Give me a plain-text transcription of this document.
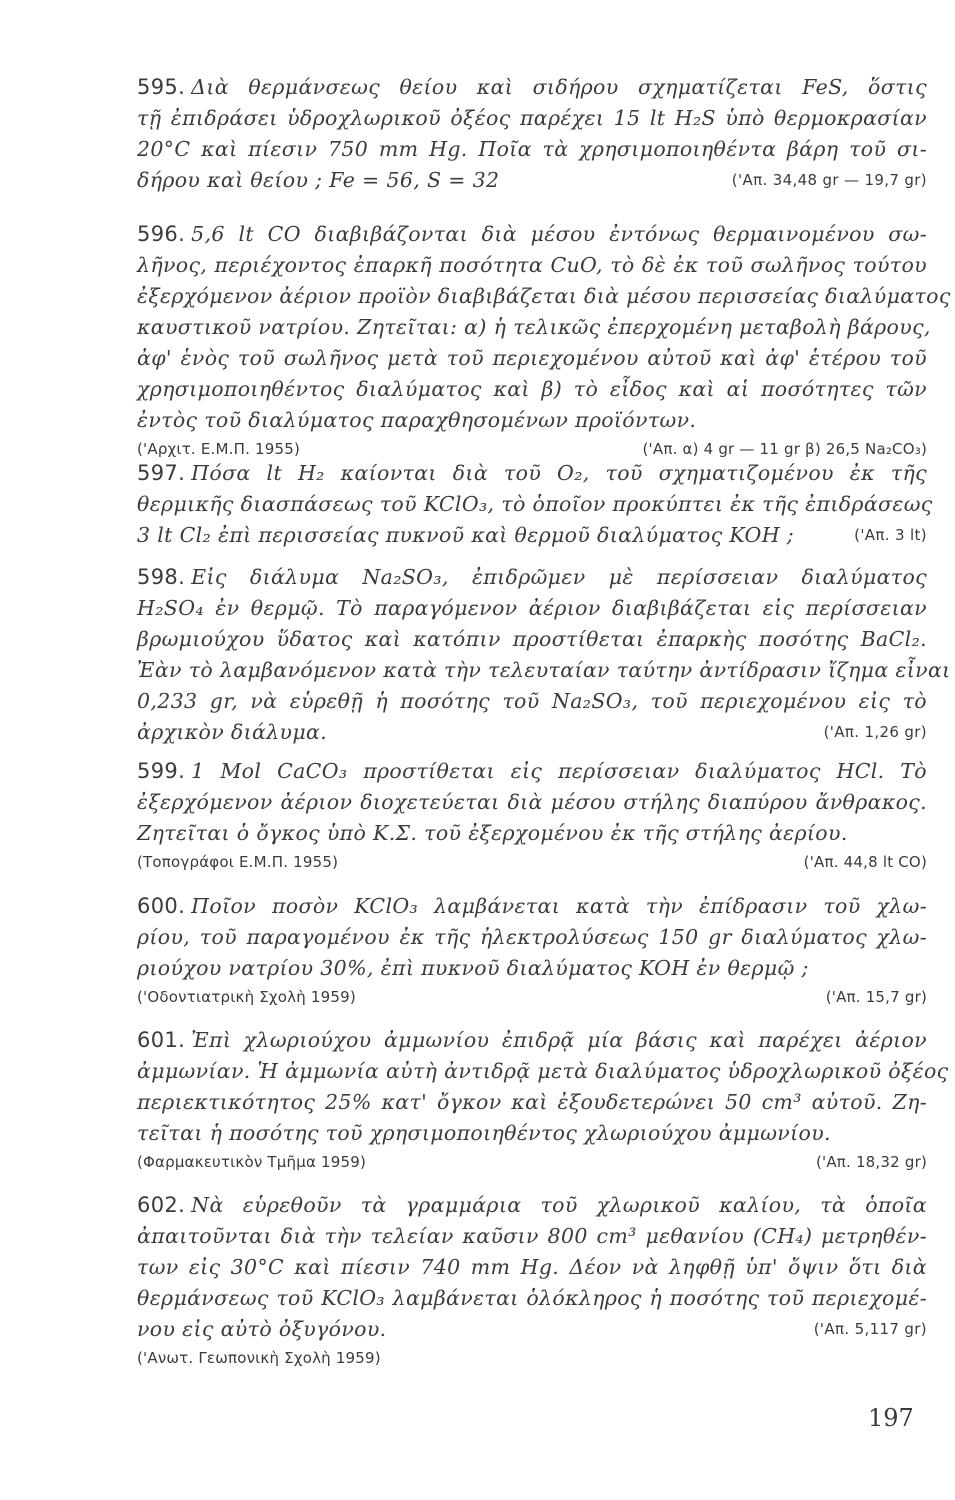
595. Διὰ θερμάνσεως θείου καὶ σιδήρου σχηματίζεται FeS, ὅστις
τῇ ἐπιδράσει ὑδροχλωρικοῦ ὀξέος παρέχει 15 lt H₂S ὑπὸ θερμοκρασίαν
20°C καὶ πίεσιν 750 mm Hg. Ποῖα τὰ χρησιμοποιηθέντα βάρη τοῦ σι-
δήρου καὶ θείου ; Fe = 56, S = 32	('Απ. 34,48 gr — 19,7 gr)
596. 5,6 lt CO διαβιβάζονται διὰ μέσου ἐντόνως θερμαινομένου σω-
λῆνος, περιέχοντος ἐπαρκῆ ποσότητα CuO, τὸ δὲ ἐκ τοῦ σωλῆνος τούτου
ἐξερχόμενον ἀέριον προϊὸν διαβιβάζεται διὰ μέσου περισσείας διαλύματος
καυστικοῦ νατρίου. Ζητεῖται: α) ἡ τελικῶς ἐπερχομένη μεταβολὴ βάρους,
ἀφ' ἑνὸς τοῦ σωλῆνος μετὰ τοῦ περιεχομένου αὐτοῦ καὶ ἀφ' ἑτέρου τοῦ
χρησιμοποιηθέντος διαλύματος καὶ β) τὸ εἶδος καὶ αἱ ποσότητες τῶν
ἐντὸς τοῦ διαλύματος παραχθησομένων προϊόντων.
('Αρχιτ. Ε.Μ.Π. 1955)	('Απ. α) 4 gr — 11 gr β) 26,5 Na₂CO₃)
597. Πόσα lt H₂ καίονται διὰ τοῦ O₂, τοῦ σχηματιζομένου ἐκ τῆς
θερμικῆς διασπάσεως τοῦ KClO₃, τὸ ὁποῖον προκύπτει ἐκ τῆς ἐπιδράσεως
3 lt Cl₂ ἐπὶ περισσείας πυκνοῦ καὶ θερμοῦ διαλύματος KOH ;	('Απ. 3 lt)
598. Εἰς διάλυμα Na₂SO₃, ἐπιδρῶμεν μὲ περίσσειαν διαλύματος
H₂SO₄ ἐν θερμῷ. Τὸ παραγόμενον ἀέριον διαβιβάζεται εἰς περίσσειαν
βρωμιούχου ὕδατος καὶ κατόπιν προστίθεται ἐπαρκὴς ποσότης BaCl₂.
Ἐὰν τὸ λαμβανόμενον κατὰ τὴν τελευταίαν ταύτην ἀντίδρασιν ἴζημα εἶναι
0,233 gr, νὰ εὑρεθῇ ἡ ποσότης τοῦ Na₂SO₃, τοῦ περιεχομένου εἰς τὸ
ἀρχικὸν διάλυμα.	('Απ. 1,26 gr)
599. 1 Mol CaCO₃ προστίθεται εἰς περίσσειαν διαλύματος HCl. Τὸ
ἐξερχόμενον ἀέριον διοχετεύεται διὰ μέσου στήλης διαπύρου ἄνθρακος.
Ζητεῖται ὁ ὄγκος ὑπὸ Κ.Σ. τοῦ ἐξερχομένου ἐκ τῆς στήλης ἀερίου.
(Τοπογράφοι Ε.Μ.Π. 1955)	('Απ. 44,8 lt CO)
600. Ποῖον ποσὸν KClO₃ λαμβάνεται κατὰ τὴν ἐπίδρασιν τοῦ χλω-
ρίου, τοῦ παραγομένου ἐκ τῆς ἠλεκτρολύσεως 150 gr διαλύματος χλω-
ριούχου νατρίου 30%, ἐπὶ πυκνοῦ διαλύματος KOH ἐν θερμῷ ;
('Οδοντιατρικὴ Σχολὴ 1959)	('Απ. 15,7 gr)
601. Ἐπὶ χλωριούχου ἀμμωνίου ἐπιδρᾷ μία βάσις καὶ παρέχει ἀέριον
ἀμμωνίαν. Ἡ ἀμμωνία αὐτὴ ἀντιδρᾷ μετὰ διαλύματος ὑδροχλωρικοῦ ὀξέος
περιεκτικότητος 25% κατ' ὄγκον καὶ ἐξουδετερώνει 50 cm³ αὐτοῦ. Ζη-
τεῖται ἡ ποσότης τοῦ χρησιμοποιηθέντος χλωριούχου ἀμμωνίου.
(Φαρμακευτικὸν Τμῆμα 1959)	('Απ. 18,32 gr)
602. Νὰ εὑρεθοῦν τὰ γραμμάρια τοῦ χλωρικοῦ καλίου, τὰ ὁποῖα
ἀπαιτοῦνται διὰ τὴν τελείαν καῦσιν 800 cm³ μεθανίου (CH₄) μετρηθέν-
των εἰς 30°C καὶ πίεσιν 740 mm Hg. Δέον νὰ ληφθῇ ὑπ' ὄψιν ὅτι διὰ
θερμάνσεως τοῦ KClO₃ λαμβάνεται ὁλόκληρος ἡ ποσότης τοῦ περιεχομέ-
νου εἰς αὐτὸ ὀξυγόνου.	('Απ. 5,117 gr)
('Ανωτ. Γεωπονικὴ Σχολὴ 1959)
197
